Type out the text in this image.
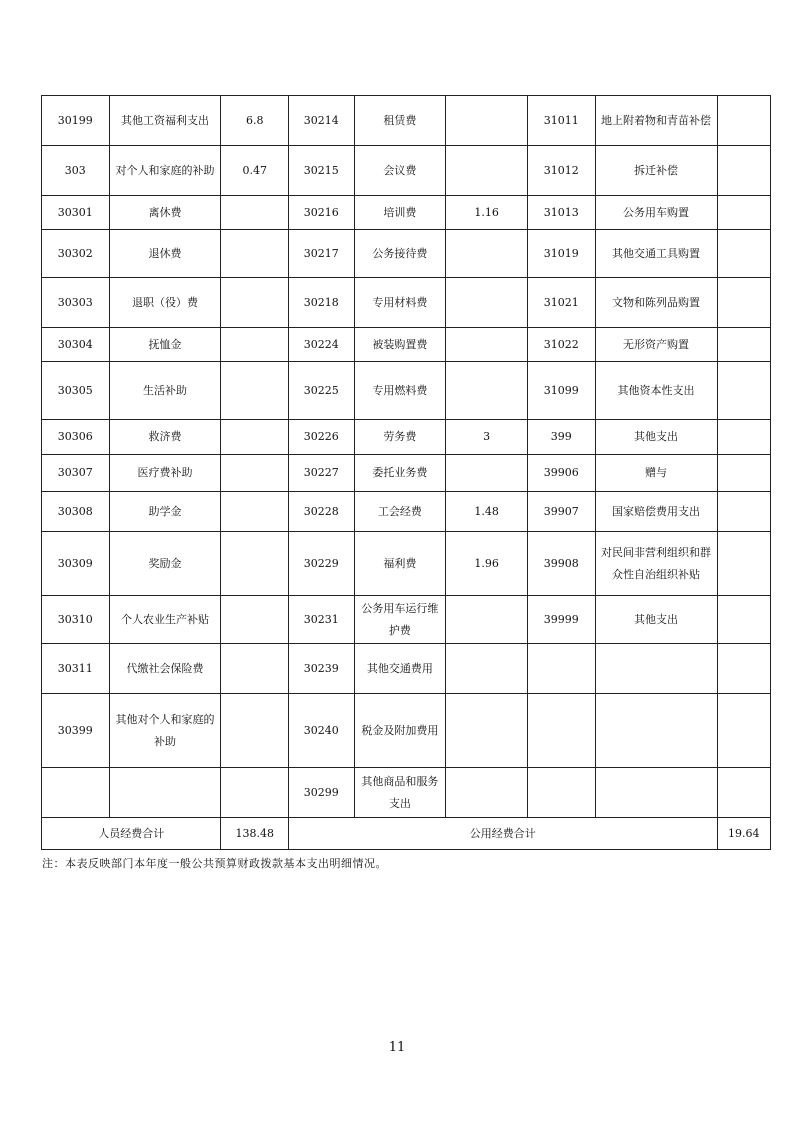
30199	其他工资福利支出	6.8	30214	租赁费		31011	地上附着物和青苗补偿	
303	对个人和家庭的补助	0.47	30215	会议费		31012	拆迁补偿	
30301	离休费		30216	培训费	1.16	31013	公务用车购置	
30302	退休费		30217	公务接待费		31019	其他交通工具购置	
30303	退职（役）费		30218	专用材料费		31021	文物和陈列品购置	
30304	抚恤金		30224	被装购置费		31022	无形资产购置	
30305	生活补助		30225	专用燃料费		31099	其他资本性支出	
30306	救济费		30226	劳务费	3	399	其他支出	
30307	医疗费补助		30227	委托业务费		39906	赠与	
30308	助学金		30228	工会经费	1.48	39907	国家赔偿费用支出	
30309	奖励金		30229	福利费	1.96	39908	对民间非营利组织和群众性自治组织补贴	
30310	个人农业生产补贴		30231	公务用车运行维护费		39999	其他支出	
30311	代缴社会保险费		30239	其他交通费用				
30399	其他对个人和家庭的补助		30240	税金及附加费用				
			30299	其他商品和服务支出				
人员经费合计		138.48	公用经费合计					19.64
注：本表反映部门本年度一般公共预算财政拨款基本支出明细情况。
11
